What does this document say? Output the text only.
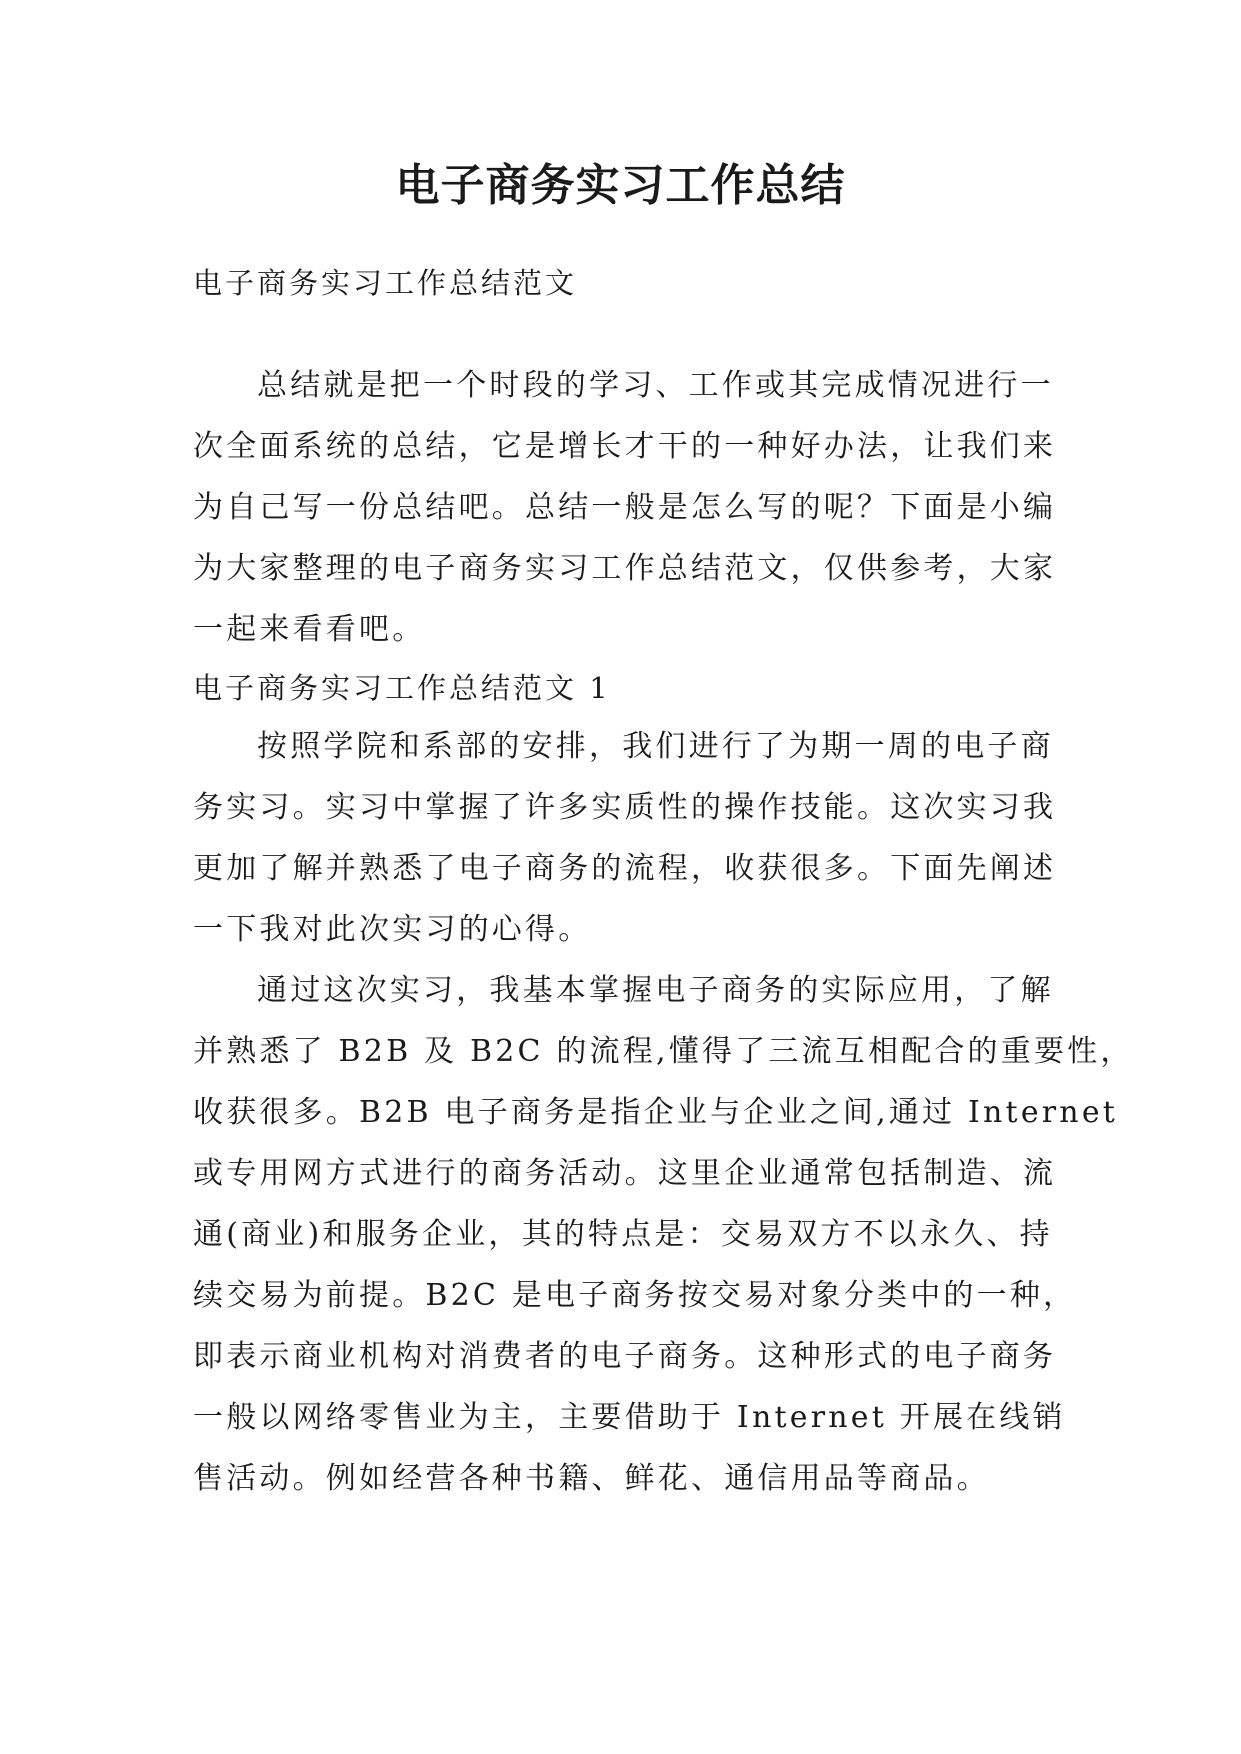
电子商务实习工作总结

电子商务实习工作总结范文

总结就是把一个时段的学习、工作或其完成情况进行一
次全面系统的总结，它是增长才干的一种好办法，让我们来
为自己写一份总结吧。总结一般是怎么写的呢？下面是小编
为大家整理的电子商务实习工作总结范文，仅供参考，大家
一起来看看吧。

电子商务实习工作总结范文 1

按照学院和系部的安排，我们进行了为期一周的电子商
务实习。实习中掌握了许多实质性的操作技能。这次实习我
更加了解并熟悉了电子商务的流程，收获很多。下面先阐述
一下我对此次实习的心得。
通过这次实习，我基本掌握电子商务的实际应用，了解
并熟悉了 B2B 及 B2C 的流程,懂得了三流互相配合的重要性，
收获很多。B2B 电子商务是指企业与企业之间,通过 Internet
或专用网方式进行的商务活动。这里企业通常包括制造、流
通(商业)和服务企业，其的特点是：交易双方不以永久、持
续交易为前提。B2C 是电子商务按交易对象分类中的一种，
即表示商业机构对消费者的电子商务。这种形式的电子商务
一般以网络零售业为主，主要借助于 Internet 开展在线销
售活动。例如经营各种书籍、鲜花、通信用品等商品。
